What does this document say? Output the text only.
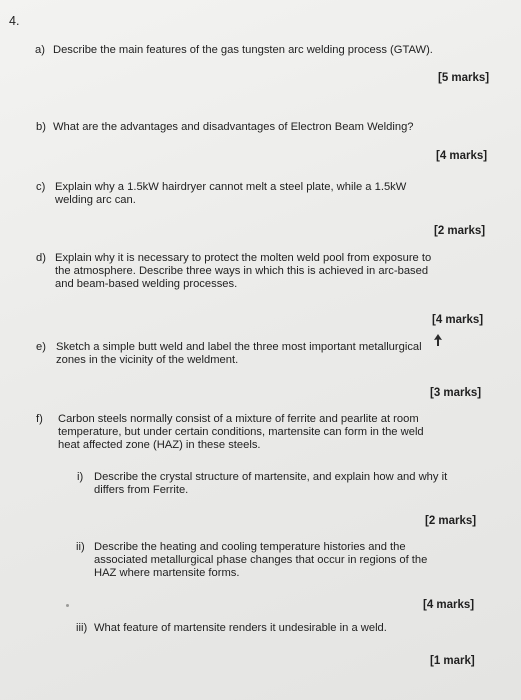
4.
a) Describe the main features of the gas tungsten arc welding process (GTAW).
[5 marks]
b) What are the advantages and disadvantages of Electron Beam Welding?
[4 marks]
c) Explain why a 1.5kW hairdryer cannot melt a steel plate, while a 1.5kW
welding arc can.
[2 marks]
d) Explain why it is necessary to protect the molten weld pool from exposure to
the atmosphere. Describe three ways in which this is achieved in arc-based
and beam-based welding processes.
[4 marks]
e) Sketch a simple butt weld and label the three most important metallurgical
zones in the vicinity of the weldment.
[3 marks]
f) Carbon steels normally consist of a mixture of ferrite and pearlite at room
temperature, but under certain conditions, martensite can form in the weld
heat affected zone (HAZ) in these steels.
i) Describe the crystal structure of martensite, and explain how and why it
differs from Ferrite.
[2 marks]
ii) Describe the heating and cooling temperature histories and the
associated metallurgical phase changes that occur in regions of the
HAZ where martensite forms.
[4 marks]
iii) What feature of martensite renders it undesirable in a weld.
[1 mark]
